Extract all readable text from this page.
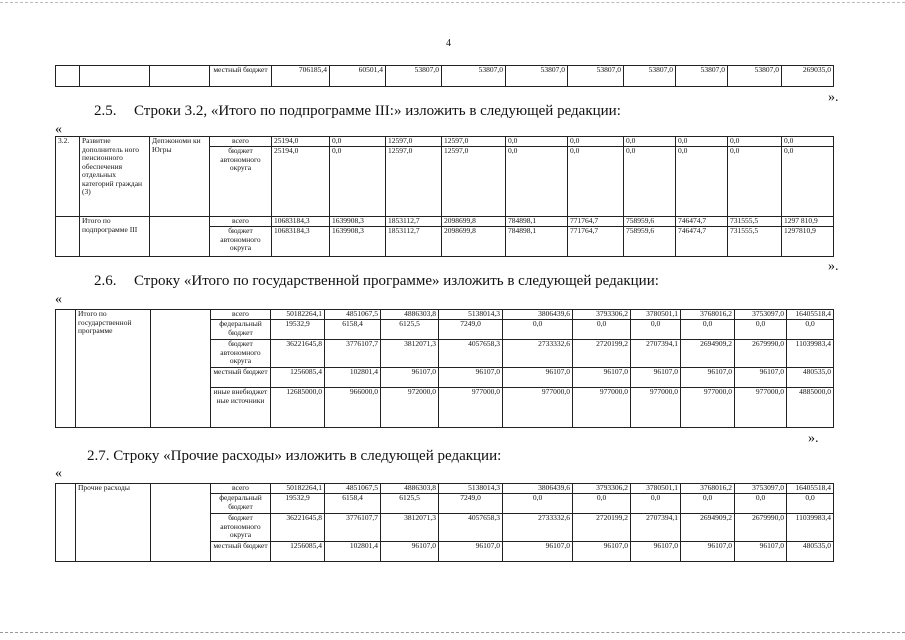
4
			местный бюджет	706185,4	60501,4	53807,0	53807,0	53807,0	53807,0	53807,0	53807,0	53807,0	269035,0
».
2.5. Строки 3.2, «Итого по подпрограмме III:» изложить в следующей редакции:
«
3.2.	Развитие дополнитель ного пенсионного обеспечения отдельных категорий граждан (3)	Депэкономи ки Югры	всего	25194,0	0,0	12597,0	12597,0	0,0	0,0	0,0	0,0	0,0	0,0
			бюджет автономного округа	25194,0	0,0	12597,0	12597,0	0,0	0,0	0,0	0,0	0,0	0,0
	Итого по подпрограмме III		всего	10683184,3	1639908,3	1853112,7	2098699,8	784898,1	771764,7	758959,6	746474,7	731555,5	1297 810,9
			бюджет автономного округа	10683184,3	1639908,3	1853112,7	2098699,8	784898,1	771764,7	758959,6	746474,7	731555,5	1297810,9
».
2.6. Строку «Итого по государственной программе» изложить в следующей редакции:
«
	Итого по государственной программе		всего	50182264,1	4851067,5	4886303,8	5138014,3	3806439,6	3793306,2	3780501,1	3768016,2	3753097,0	16405518,4
			федеральный бюджет	19532,9	6158,4	6125,5	7249,0	0,0	0,0	0,0	0,0	0,0	0,0
			бюджет автономного округа	36221645,8	3776107,7	3812071,3	4057658,3	2733332,6	2720199,2	2707394,1	2694909,2	2679990,0	11039983,4
			местный бюджет	1256085,4	102801,4	96107,0	96107,0	96107,0	96107,0	96107,0	96107,0	96107,0	480535,0
			иные внебюджет ные источники	12685000,0	966000,0	972000,0	977000,0	977000,0	977000,0	977000,0	977000,0	977000,0	4885000,0
».
2.7. Строку «Прочие расходы» изложить в следующей редакции:
«
	Прочие расходы		всего	50182264,1	4851067,5	4886303,8	5138014,3	3806439,6	3793306,2	3780501,1	3768016,2	3753097,0	16405518,4
			федеральный бюджет	19532,9	6158,4	6125,5	7249,0	0,0	0,0	0,0	0,0	0,0	0,0
			бюджет автономного округа	36221645,8	3776107,7	3812071,3	4057658,3	2733332,6	2720199,2	2707394,1	2694909,2	2679990,0	11039983,4
			местный бюджет	1256085,4	102801,4	96107,0	96107,0	96107,0	96107,0	96107,0	96107,0	96107,0	480535,0
